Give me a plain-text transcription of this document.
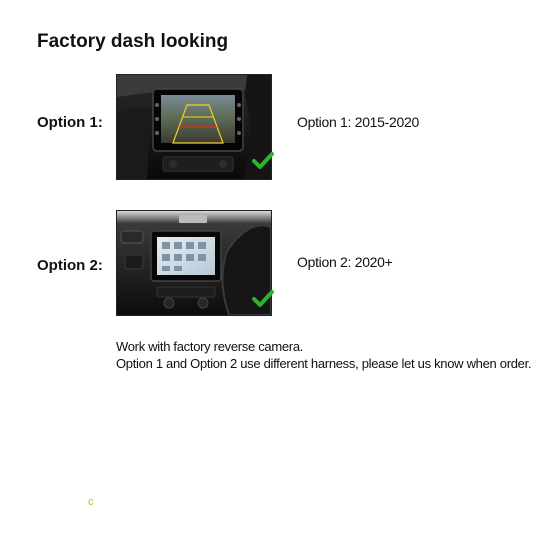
Factory dash looking
Option 1:	Option 1: 2015-2020
Option 2:	Option 2: 2020+
Work with factory reverse camera.
Option 1 and Option 2 use different harness, please let us know when order.
c
